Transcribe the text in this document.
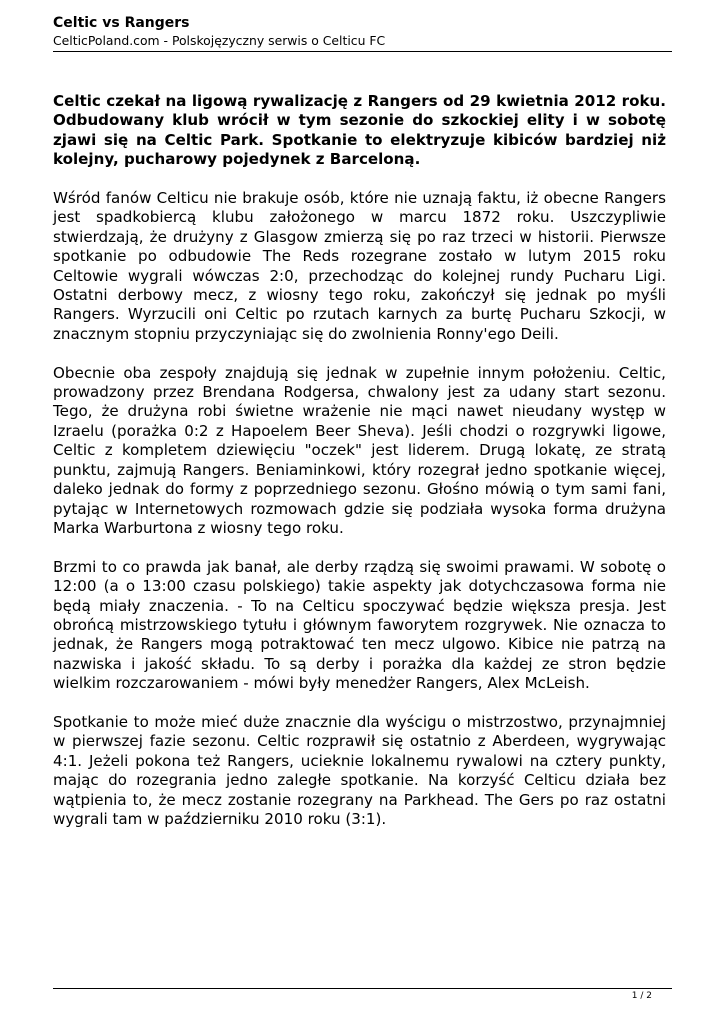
Celtic vs Rangers

CelticPoland.com - Polskojęzyczny serwis o Celticu FC

Celtic czekał na ligową rywalizację z Rangers od 29 kwietnia 2012 roku. Odbudowany klub wrócił w tym sezonie do szkockiej elity i w sobotę zjawi się na Celtic Park. Spotkanie to elektryzuje kibiców bardziej niż kolejny, pucharowy pojedynek z Barceloną.

Wśród fanów Celticu nie brakuje osób, które nie uznają faktu, iż obecne Rangers jest spadkobiercą klubu założonego w marcu 1872 roku. Uszczypliwie stwierdzają, że drużyny z Glasgow zmierzą się po raz trzeci w historii. Pierwsze spotkanie po odbudowie The Reds rozegrane zostało w lutym 2015 roku Celtowie wygrali wówczas 2:0, przechodząc do kolejnej rundy Pucharu Ligi. Ostatni derbowy mecz, z wiosny tego roku, zakończył się jednak po myśli Rangers. Wyrzucili oni Celtic po rzutach karnych za burtę Pucharu Szkocji, w znacznym stopniu przyczyniając się do zwolnienia Ronny'ego Deili.

Obecnie oba zespoły znajdują się jednak w zupełnie innym położeniu. Celtic, prowadzony przez Brendana Rodgersa, chwalony jest za udany start sezonu. Tego, że drużyna robi świetne wrażenie nie mąci nawet nieudany występ w Izraelu (porażka 0:2 z Hapoelem Beer Sheva). Jeśli chodzi o rozgrywki ligowe, Celtic z kompletem dziewięciu "oczek" jest liderem. Drugą lokatę, ze stratą punktu, zajmują Rangers. Beniaminkowi, który rozegrał jedno spotkanie więcej, daleko jednak do formy z poprzedniego sezonu. Głośno mówią o tym sami fani, pytając w Internetowych rozmowach gdzie się podziała wysoka forma drużyna Marka Warburtona z wiosny tego roku.

Brzmi to co prawda jak banał, ale derby rządzą się swoimi prawami. W sobotę o 12:00 (a o 13:00 czasu polskiego) takie aspekty jak dotychczasowa forma nie będą miały znaczenia. - To na Celticu spoczywać będzie większa presja. Jest obrońcą mistrzowskiego tytułu i głównym faworytem rozgrywek. Nie oznacza to jednak, że Rangers mogą potraktować ten mecz ulgowo. Kibice nie patrzą na nazwiska i jakość składu. To są derby i porażka dla każdej ze stron będzie wielkim rozczarowaniem - mówi były menedżer Rangers, Alex McLeish.

Spotkanie to może mieć duże znacznie dla wyścigu o mistrzostwo, przynajmniej w pierwszej fazie sezonu. Celtic rozprawił się ostatnio z Aberdeen, wygrywając 4:1. Jeżeli pokona też Rangers, ucieknie lokalnemu rywalowi na cztery punkty, mając do rozegrania jedno zaległe spotkanie. Na korzyść Celticu działa bez wątpienia to, że mecz zostanie rozegrany na Parkhead. The Gers po raz ostatni wygrali tam w październiku 2010 roku (3:1).

1 / 2
